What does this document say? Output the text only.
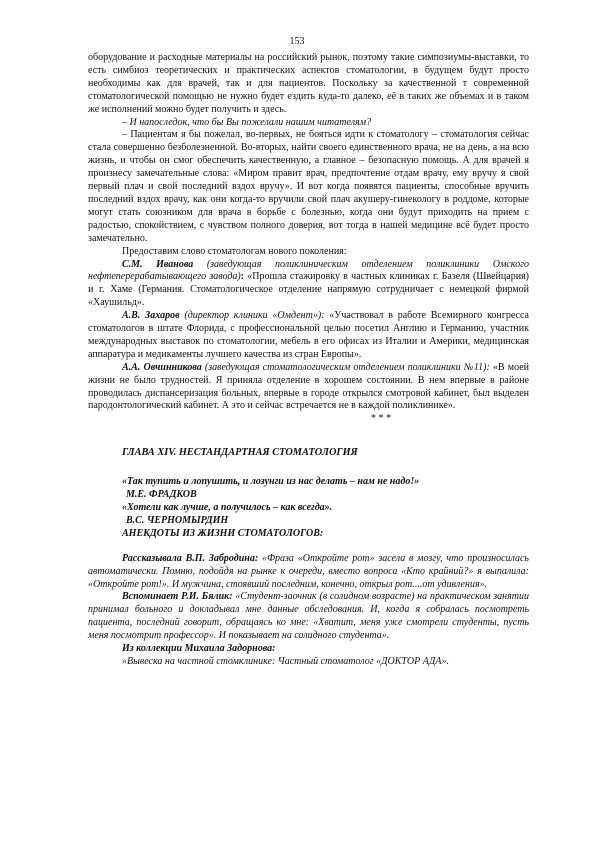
153

оборудование и расходные материалы на российский рынок, поэтому такие симпозиумы-выставки, то есть симбиоз теоретических и практических аспектов стоматологии, в будущем будут просто необходимы как для врачей, так и для пациентов. Поскольку за качественной т современной стоматологической помощью не нужно будет ездить куда-то далеко, её в таких же объемах и в таком же исполнений можно будет получить и здесь.

– И напоследок, что бы Вы пожелали нашим читателям?

– Пациентам я бы пожелал, во-первых, не бояться идти к стоматологу – стоматология сейчас стала совершенно безболезненной. Во-вторых, найти своего единственного врача, не на день, а на всю жизнь, и чтобы он смог обеспечить качественную, а главное – безопасную помощь. А для врачей я произнесу замечательные слова: «Миром правит врач, предпочтение отдам врачу, ему вручу я свой первый плач и свой последний вздох вручу». И вот когда появятся пациенты, способные вручить последний вздох врачу, как они когда-то вручили свой плач акушеру-гинекологу в роддоме, которые могут стать союзником для врача в борьбе с болезнью, когда они будут приходить на прием с радостью, спокойствием, с чувством полного доверия, вот тогда в нашей медицине всё будет просто замечательно.

Предоставим слово стоматологам нового поколения:

С.М. Иванова (заведующая поликлиническим отделением поликлиники Омского нефтеперерабатывающего завода): «Прошла стажировку в частных клиниках г. Базеля (Швейцария) и г. Хаме (Германия. Стоматологическое отделение напрямую сотрудничает с немецкой фирмой «Хаушильд».

А.В. Захаров (директор клиники «Омдент»): «Участвовал в работе Всемирного конгресса стоматологов в штате Флорида, с профессиональной целью посетил Англию и Германию, участник международных выставок по стоматологии, мебель в его офисах из Италии и Америки, медицинская аппаратура и медикаменты лучшего качества из стран Европы».

А.А. Овчинникова (заведующая стоматологическим отделением поликлиники №11): «В моей жизни не было трудностей. Я приняла отделение в хорошем состоянии. В нем впервые в районе проводилась диспансеризация больных, впервые в городе открылся смотровой кабинет, был выделен пародонтологический кабинет. А это и сейчас встречается не в каждой поликлинике».

* * *

ГЛАВА XIV. НЕСТАНДАРТНАЯ СТОМАТОЛОГИЯ

«Так тупить и лопушить, и лозунги из нас делать – нам не надо!»

М.Е. ФРАДКОВ

«Хотели как лучше, а получилось – как всегда».

В.С. ЧЕРНОМЫРДИН

АНЕКДОТЫ ИЗ ЖИЗНИ СТОМАТОЛОГОВ:

Рассказывала В.П. Забродина: «Фраза «Откройте рот» засела в мозгу, что произносилась автоматически. Помню, подойдя на рынке к очереди, вместо вопроса «Кто крайний?» я выпалила: «Откройте рот!». И мужчина, стоявший последним, конечно, открыл рот....от удивления».

Вспоминает Р.И. Бялик: «Студент-заочник (в солидном возрасте) на практическом занятии принимал больного и докладывал мне данные обследования. И, когда я собралась посмотреть пациента, последний говорит, обращаясь ко мне: «Хватит, меня уже смотрели студенты, пусть меня посмотрит профессор». И показывает на солидного студента».

Из коллекции Михаила Задорнова:

«Вывеска на частной стомклинике: Частный стоматолог «ДОКТОР АДА».
